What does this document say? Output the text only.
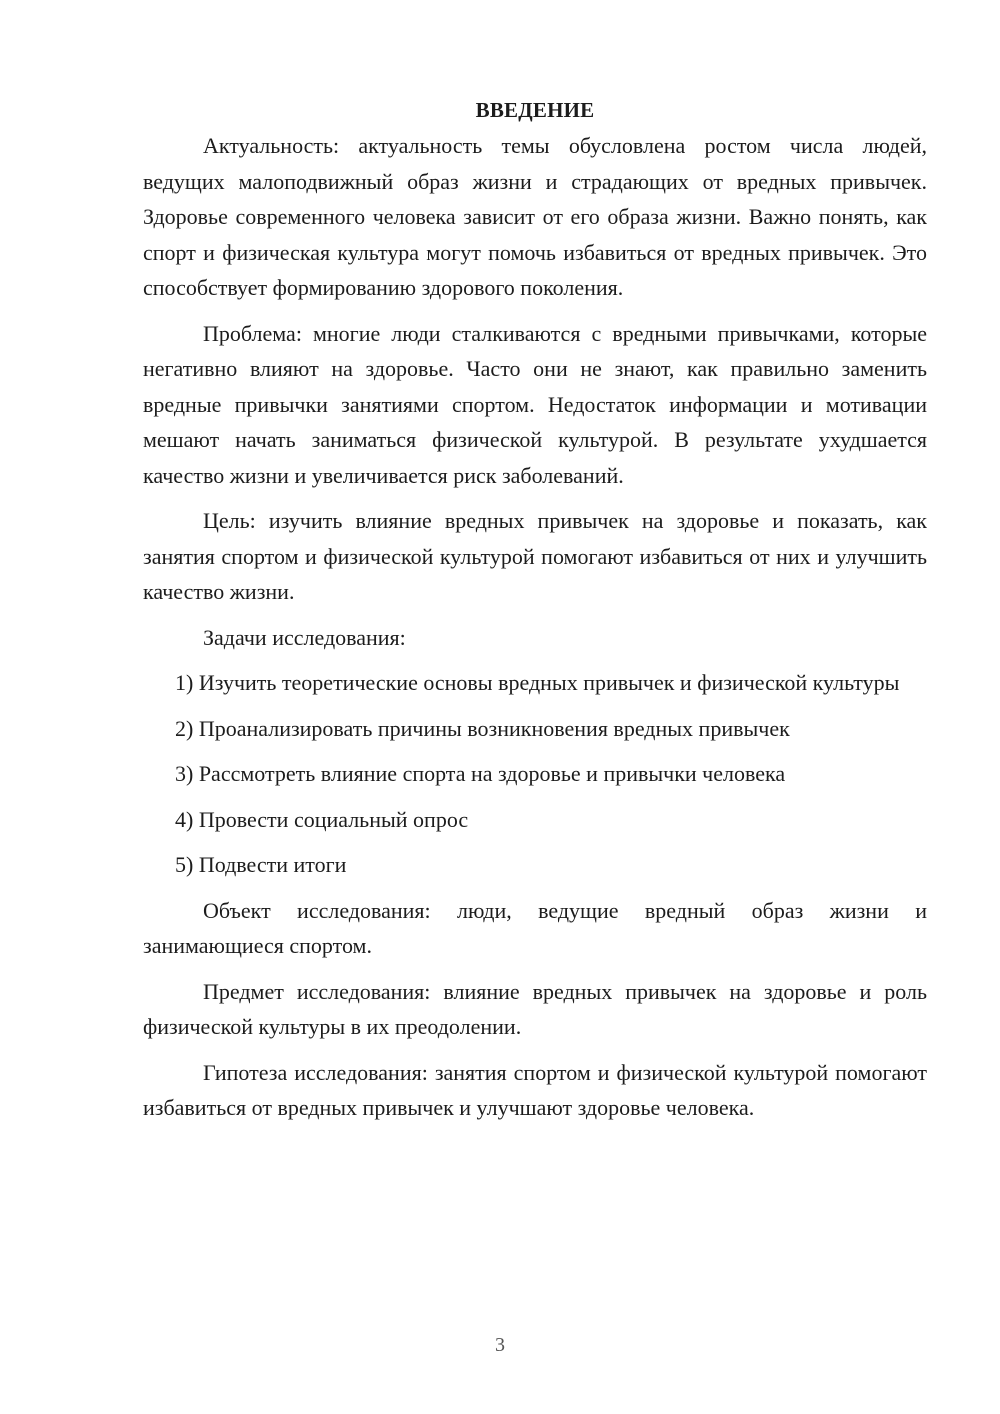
ВВЕДЕНИЕ

Актуальность: актуальность темы обусловлена ростом числа людей, ведущих малоподвижный образ жизни и страдающих от вредных привычек. Здоровье современного человека зависит от его образа жизни. Важно понять, как спорт и физическая культура могут помочь избавиться от вредных привычек. Это способствует формированию здорового поколения.

Проблема: многие люди сталкиваются с вредными привычками, которые негативно влияют на здоровье. Часто они не знают, как правильно заменить вредные привычки занятиями спортом. Недостаток информации и мотивации мешают начать заниматься физической культурой. В результате ухудшается качество жизни и увеличивается риск заболеваний.

Цель: изучить влияние вредных привычек на здоровье и показать, как занятия спортом и физической культурой помогают избавиться от них и улучшить качество жизни.

Задачи исследования:

1) Изучить теоретические основы вредных привычек и физической культуры

2) Проанализировать причины возникновения вредных привычек

3) Рассмотреть влияние спорта на здоровье и привычки человека

4) Провести социальный опрос

5) Подвести итоги

Объект исследования: люди, ведущие вредный образ жизни и занимающиеся спортом.

Предмет исследования: влияние вредных привычек на здоровье и роль физической культуры в их преодолении.

Гипотеза исследования: занятия спортом и физической культурой помогают избавиться от вредных привычек и улучшают здоровье человека.

3
